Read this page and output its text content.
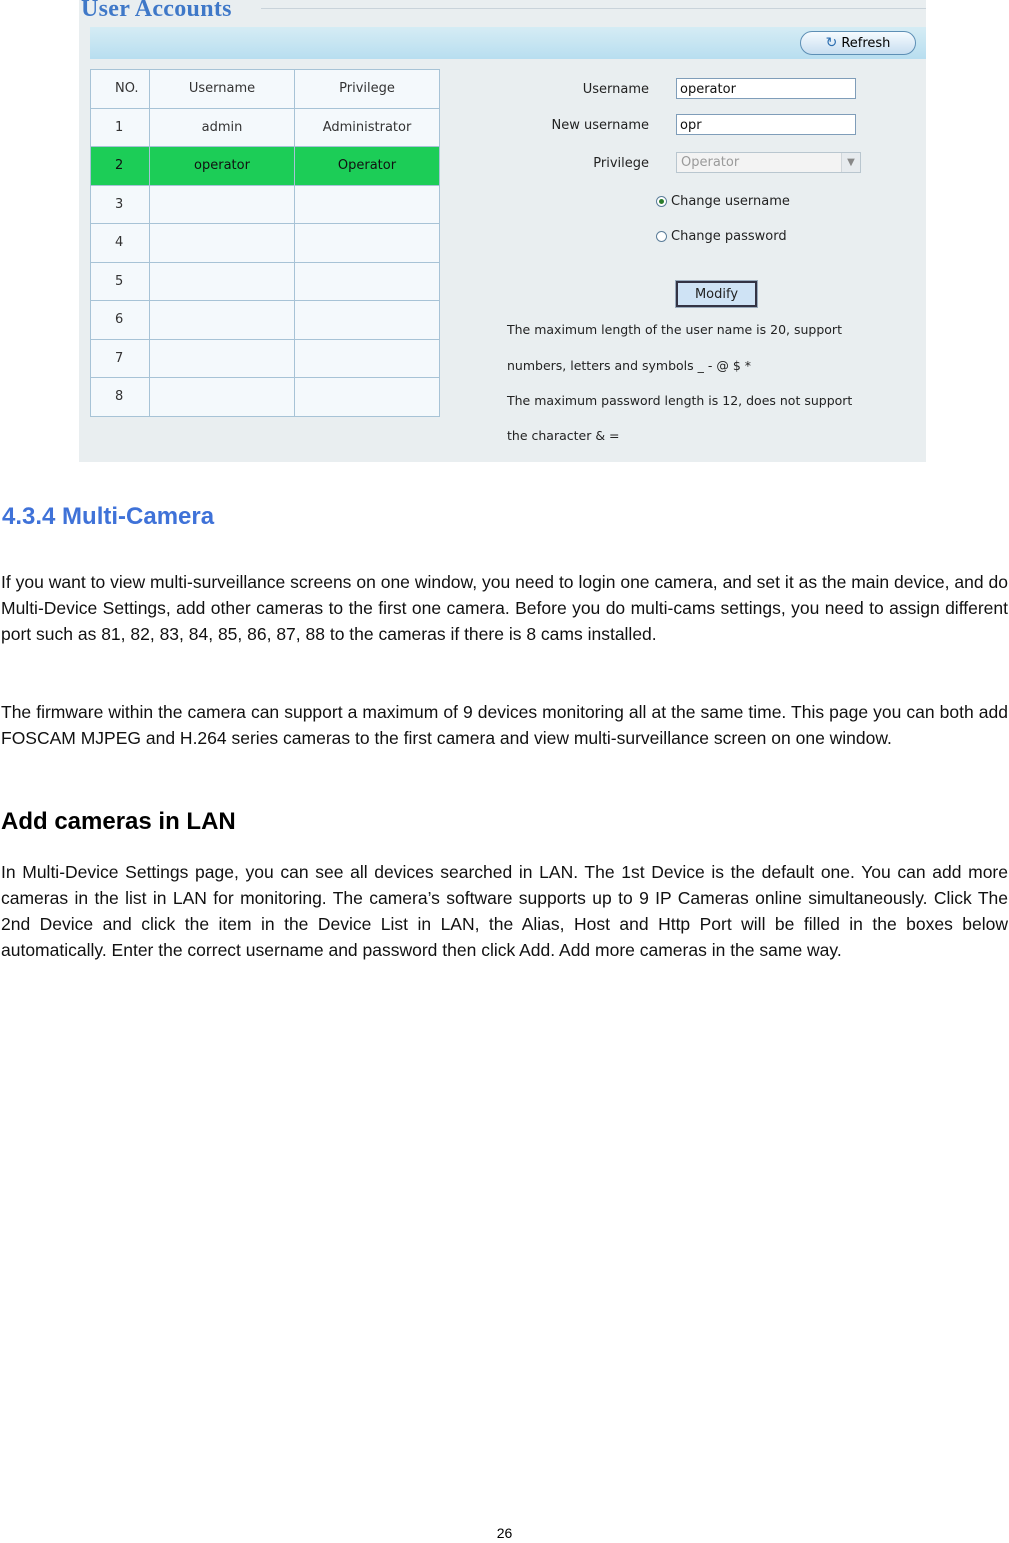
User Accounts
↻ Refresh
NO.	Username	Privilege
1	admin	Administrator
2	operator	Operator
3		
4		
5		
6		
7		
8		
Username	operator
New username	opr
Privilege	Operator	▼
Change username
Change password
Modify
The maximum length of the user name is 20, support
numbers, letters and symbols _ - @ $ *
The maximum password length is 12, does not support
the character & =
4.3.4 Multi-Camera

If you want to view multi-surveillance screens on one window, you need to login one camera, and set it as the main device, and do Multi-Device Settings, add other cameras to the first one camera. Before you do multi-cams settings, you need to assign different port such as 81, 82, 83, 84, 85, 86, 87, 88 to the cameras if there is 8 cams installed.

The firmware within the camera can support a maximum of 9 devices monitoring all at the same time. This page you can both add FOSCAM MJPEG and H.264 series cameras to the first camera and view multi-surveillance screen on one window.

Add cameras in LAN

In Multi-Device Settings page, you can see all devices searched in LAN. The 1st Device is the default one. You can add more cameras in the list in LAN for monitoring. The camera’s software supports up to 9 IP Cameras online simultaneously. Click The 2nd Device and click the item in the Device List in LAN, the Alias, Host and Http Port will be filled in the boxes below automatically. Enter the correct username and password then click Add. Add more cameras in the same way.

26
